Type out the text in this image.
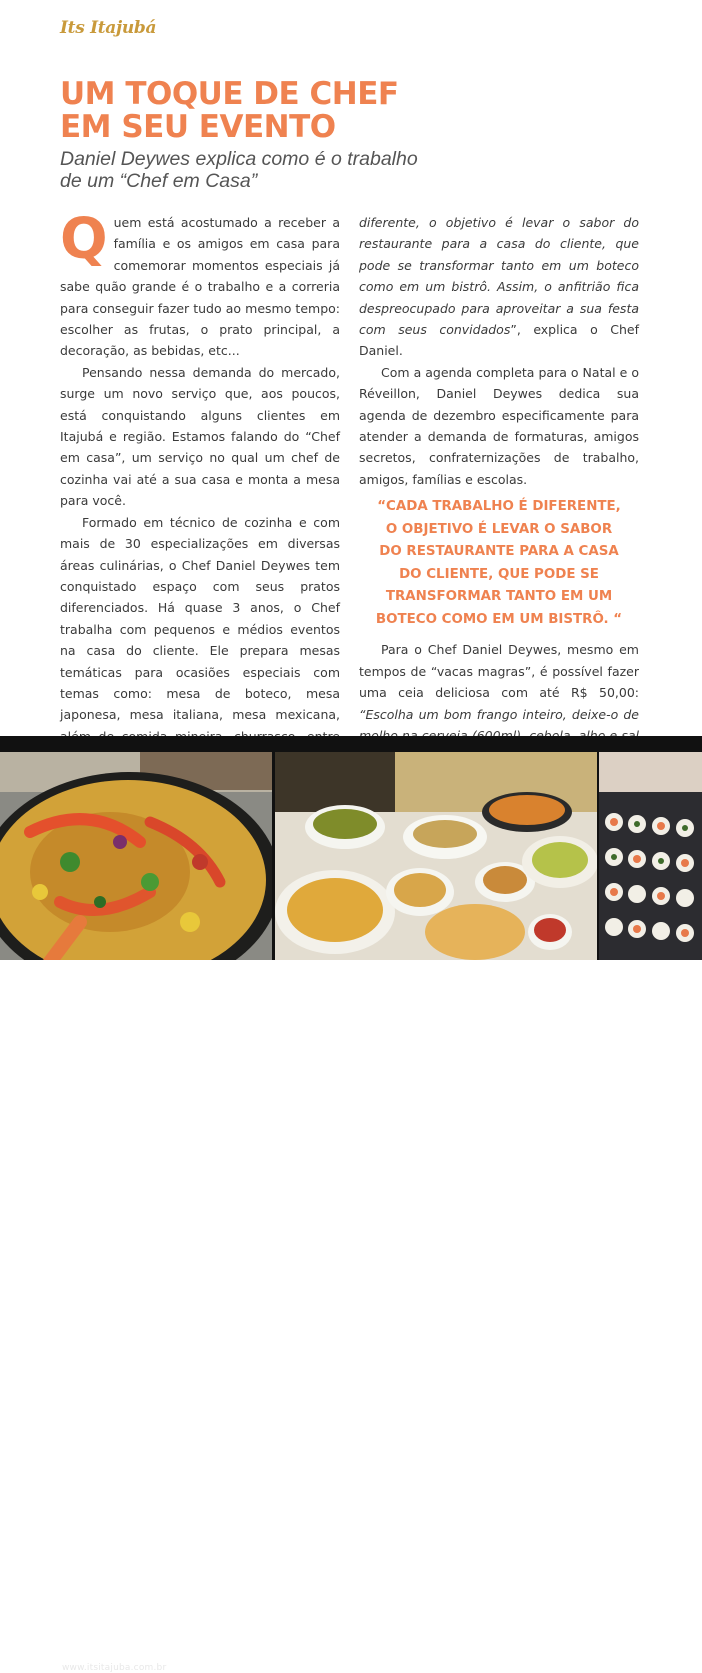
Its Itajubá
UM TOQUE DE CHEF
EM SEU EVENTO
Daniel Deywes explica como é o trabalho
de um “Chef em Casa”

Quem está acostumado a receber a família e os amigos em casa para comemorar momentos especiais já sabe quão grande é o trabalho e a correria para conseguir fazer tudo ao mesmo tempo: escolher as frutas, o prato principal, a decoração, as bebidas, etc...

Pensando nessa demanda do mercado, surge um novo serviço que, aos poucos, está conquistando alguns clientes em Itajubá e região. Estamos falando do “Chef em casa”, um serviço no qual um chef de cozinha vai até a sua casa e monta a mesa para você.

Formado em técnico de cozinha e com mais de 30 especializações em diversas áreas culinárias, o Chef Daniel Deywes tem conquistado espaço com seus pratos diferenciados. Há quase 3 anos, o Chef trabalha com pequenos e médios eventos na casa do cliente. Ele prepara mesas temáticas para ocasiões especiais com temas como: mesa de boteco, mesa japonesa, mesa italiana, mesa mexicana,

diferente, o objetivo é levar o sabor do restaurante para a casa do cliente, que pode se transformar tanto em um boteco como em um bistrô. Assim, o anfitrião fica despreocupado para aproveitar a sua festa com seus convidados”, explica o Chef Daniel.

Com a agenda completa para o Natal e o Réveillon, Daniel Deywes dedica sua agenda de dezembro especificamente para atender a demanda de formaturas, amigos secretos, confraternizações de trabalho, amigos, famílias e escolas.

“CADA TRABALHO É DIFERENTE,
O OBJETIVO É LEVAR O SABOR
DO RESTAURANTE PARA A CASA
DO CLIENTE, QUE PODE SE
TRANSFORMAR TANTO EM UM
BOTECO COMO EM UM BISTRÔ. “

Para o Chef Daniel Deywes, mesmo em tempos de “vacas magras”, é possível fazer uma ceia deliciosa com até R$ 50,00: “Escolha um bom frango inteiro, deixe-o de

www.itsitajuba.com.br
